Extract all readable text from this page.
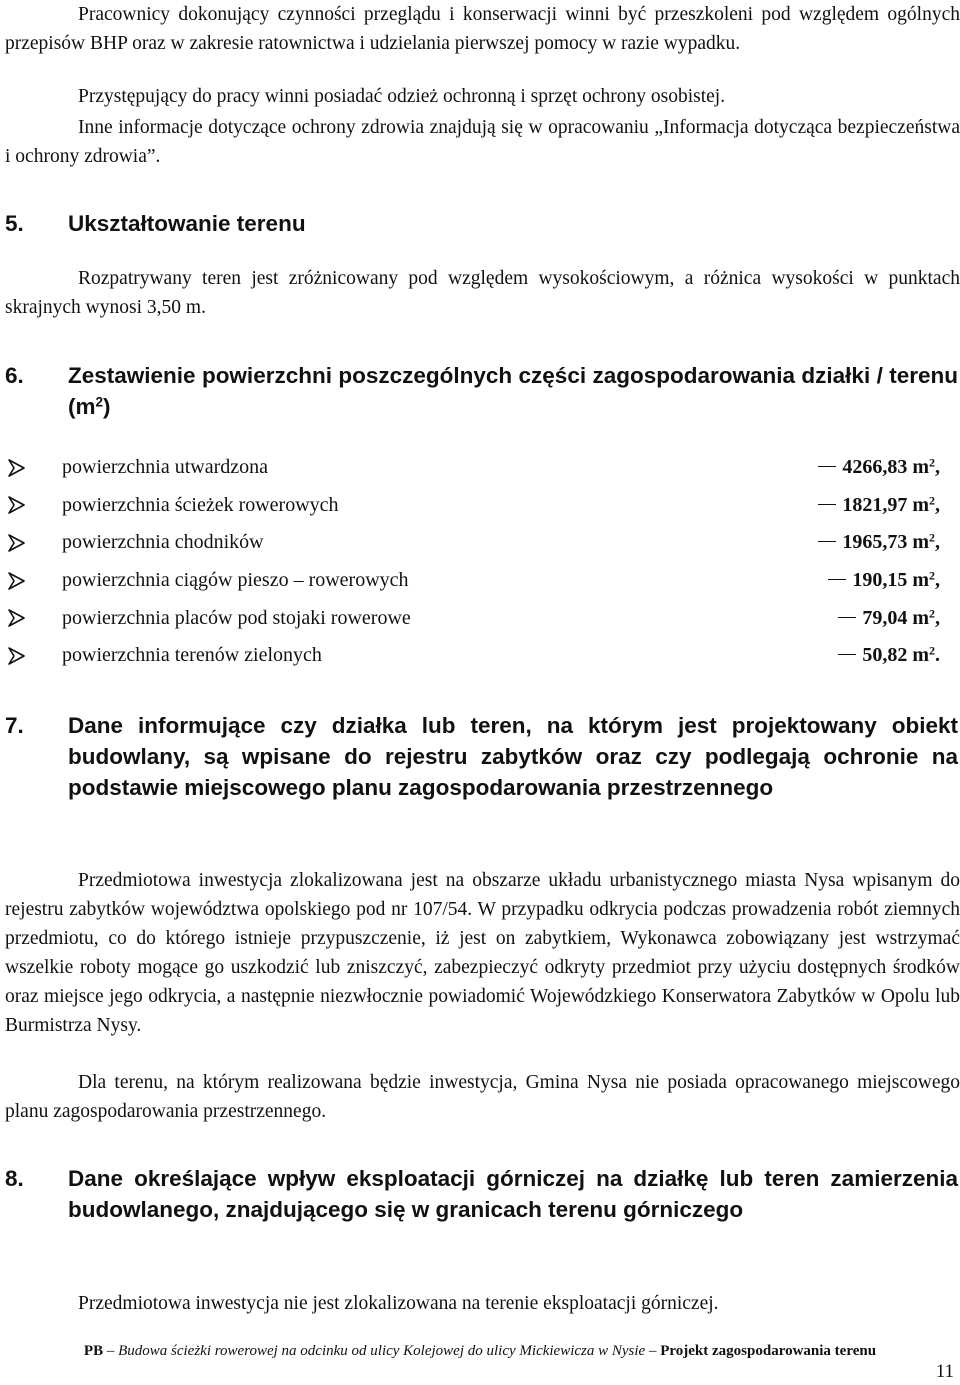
Pracownicy dokonujący czynności przeglądu i konserwacji winni być przeszkoleni pod względem ogólnych przepisów BHP oraz w zakresie ratownictwa i udzielania pierwszej pomocy w razie wypadku.

Przystępujący do pracy winni posiadać odzież ochronną i sprzęt ochrony osobistej.

Inne informacje dotyczące ochrony zdrowia znajdują się w opracowaniu „Informacja dotycząca bezpieczeństwa i ochrony zdrowia”.

5.	Ukształtowanie terenu

Rozpatrywany teren jest zróżnicowany pod względem wysokościowym, a różnica wysokości w punktach skrajnych wynosi 3,50 m.

6.	Zestawienie powierzchni poszczególnych części zagospodarowania działki / terenu $(m^2)$
powierzchnia utwardzona	4266,83 $m^2$,
powierzchnia ścieżek rowerowych	1821,97 $m^2$,
powierzchnia chodników	1965,73 $m^2$,
powierzchnia ciągów pieszo – rowerowych	190,15 $m^2$,
powierzchnia placów pod stojaki rowerowe	79,04 $m^2$,
powierzchnia terenów zielonych	50,82 $m^2$.
7.	Dane informujące czy działka lub teren, na którym jest projektowany obiekt budowlany, są wpisane do rejestru zabytków oraz czy podlegają ochronie na podstawie miejscowego planu zagospodarowania przestrzennego

Przedmiotowa inwestycja zlokalizowana jest na obszarze układu urbanistycznego miasta Nysa wpisanym do rejestru zabytków województwa opolskiego pod nr 107/54. W przypadku odkrycia podczas prowadzenia robót ziemnych przedmiotu, co do którego istnieje przypuszczenie, iż jest on zabytkiem, Wykonawca zobowiązany jest wstrzymać wszelkie roboty mogące go uszkodzić lub zniszczyć, zabezpieczyć odkryty przedmiot przy użyciu dostępnych środków oraz miejsce jego odkrycia, a następnie niezwłocznie powiadomić Wojewódzkiego Konserwatora Zabytków w Opolu lub Burmistrza Nysy.

Dla terenu, na którym realizowana będzie inwestycja, Gmina Nysa nie posiada opracowanego miejscowego planu zagospodarowania przestrzennego.

8.	Dane określające wpływ eksploatacji górniczej na działkę lub teren zamierzenia budowlanego, znajdującego się w granicach terenu górniczego

Przedmiotowa inwestycja nie jest zlokalizowana na terenie eksploatacji górniczej.

PB – Budowa ścieżki rowerowej na odcinku od ulicy Kolejowej do ulicy Mickiewicza w Nysie – Projekt zagospodarowania terenu
11
